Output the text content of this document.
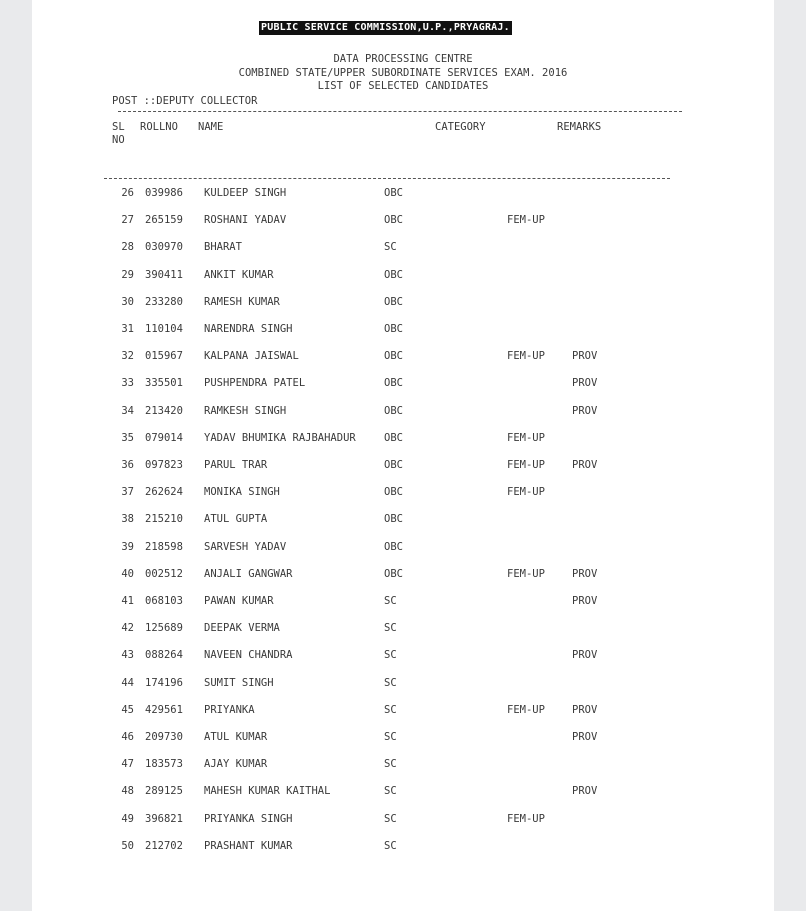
PUBLIC SERVICE COMMISSION,U.P.,PRYAGRAJ.
DATA PROCESSING CENTRE
COMBINED STATE/UPPER SUBORDINATE SERVICES EXAM. 2016
LIST OF SELECTED CANDIDATES
POST ::DEPUTY COLLECTOR
SL
NO
ROLLNO NAME	CATEGORY	REMARKS
26 039986 KULDEEP SINGH	OBC
27 265159 ROSHANI YADAV	OBC	FEM-UP
28 030970 BHARAT	SC
29 390411 ANKIT KUMAR	OBC
30 233280 RAMESH KUMAR	OBC
31 110104 NARENDRA SINGH	OBC
32 015967 KALPANA JAISWAL	OBC	FEM-UP	PROV
33 335501 PUSHPENDRA PATEL	OBC	PROV
34 213420 RAMKESH SINGH	OBC	PROV
35 079014 YADAV BHUMIKA RAJBAHADUR	OBC	FEM-UP
36 097823 PARUL TRAR	OBC	FEM-UP	PROV
37 262624 MONIKA SINGH	OBC	FEM-UP
38 215210 ATUL GUPTA	OBC
39 218598 SARVESH YADAV	OBC
40 002512 ANJALI GANGWAR	OBC	FEM-UP	PROV
41 068103 PAWAN KUMAR	SC	PROV
42 125689 DEEPAK VERMA	SC
43 088264 NAVEEN CHANDRA	SC	PROV
44 174196 SUMIT SINGH	SC
45 429561 PRIYANKA	SC	FEM-UP	PROV
46 209730 ATUL KUMAR	SC	PROV
47 183573 AJAY KUMAR	SC
48 289125 MAHESH KUMAR KAITHAL	SC	PROV
49 396821 PRIYANKA SINGH	SC	FEM-UP
50 212702 PRASHANT KUMAR	SC
